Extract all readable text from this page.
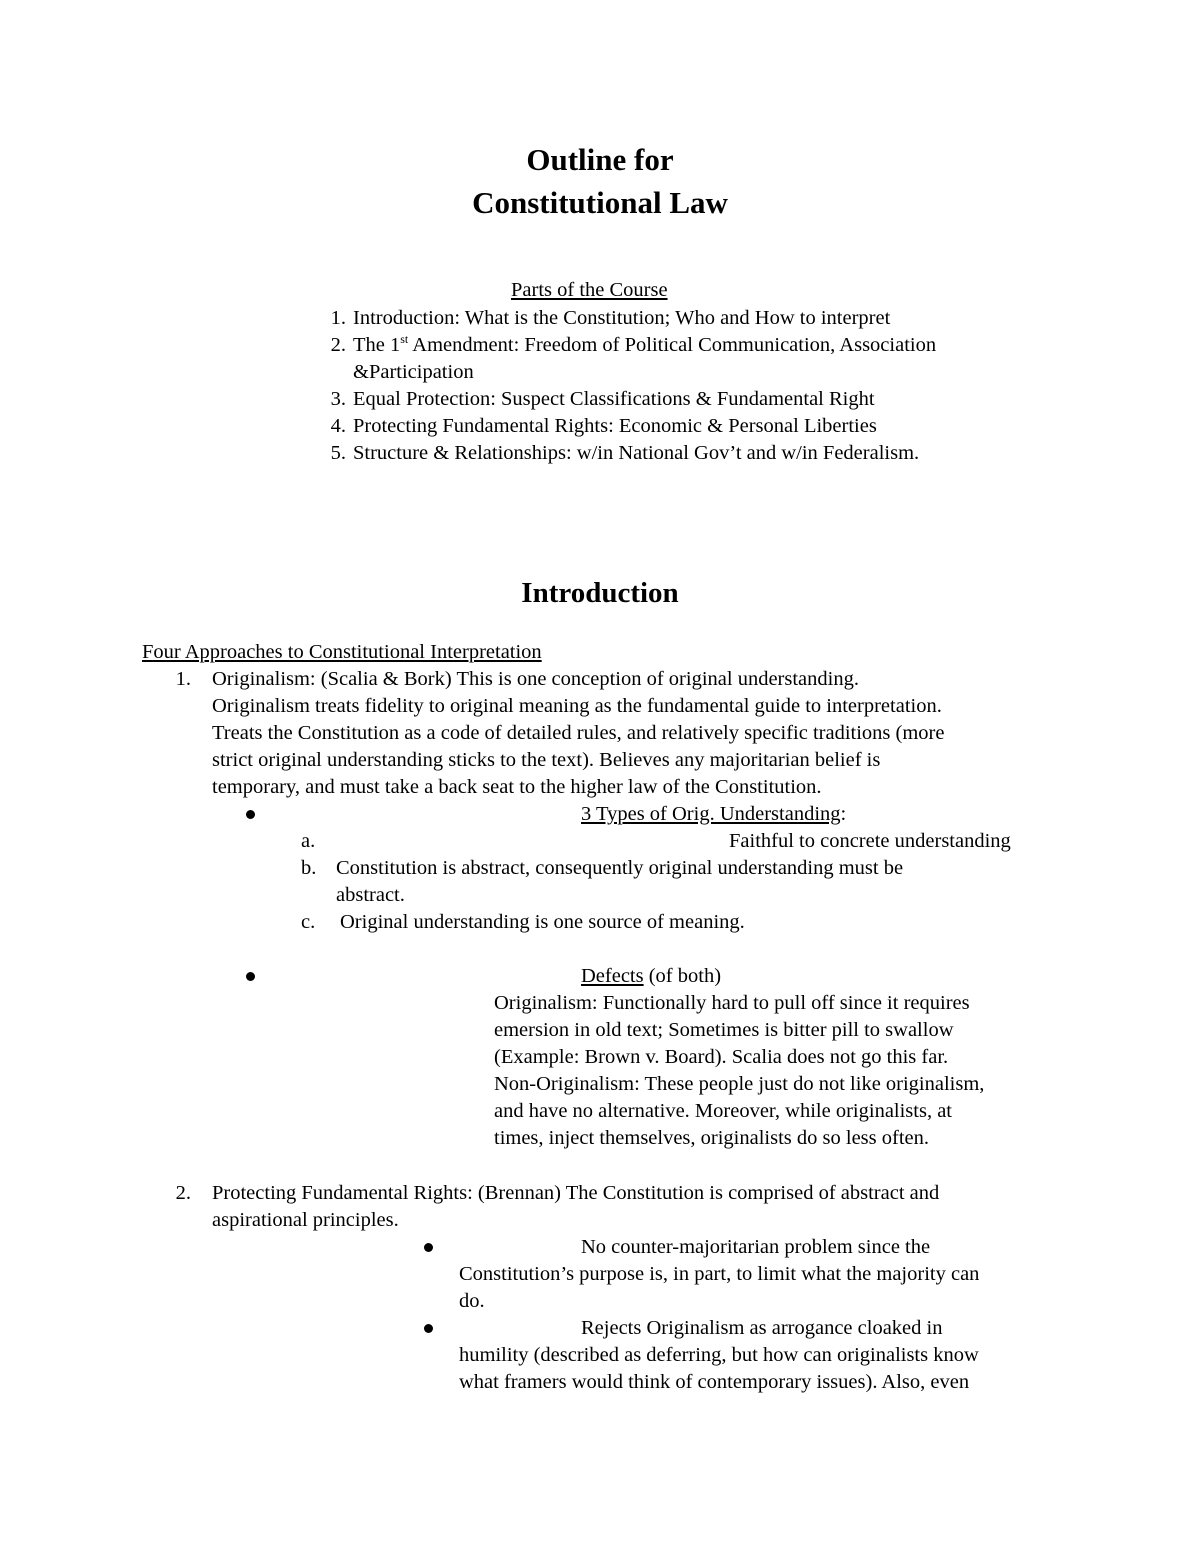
Outline for
Constitutional Law
Parts of the Course
1. Introduction: What is the Constitution; Who and How to interpret
2. The 1st Amendment: Freedom of Political Communication, Association
&Participation
3. Equal Protection: Suspect Classifications & Fundamental Right
4. Protecting Fundamental Rights: Economic & Personal Liberties
5. Structure & Relationships: w/in National Gov’t and w/in Federalism.
Introduction
Four Approaches to Constitutional Interpretation
1. Originalism: (Scalia & Bork) This is one conception of original understanding.
Originalism treats fidelity to original meaning as the fundamental guide to interpretation.
Treats the Constitution as a code of detailed rules, and relatively specific traditions (more
strict original understanding sticks to the text). Believes any majoritarian belief is
temporary, and must take a back seat to the higher law of the Constitution.
3 Types of Orig. Understanding:
a.	Faithful to concrete understanding
b. Constitution is abstract, consequently original understanding must be
abstract.
c. Original understanding is one source of meaning.
Defects (of both)
Originalism: Functionally hard to pull off since it requires
emersion in old text; Sometimes is bitter pill to swallow
(Example: Brown v. Board). Scalia does not go this far.
Non-Originalism: These people just do not like originalism,
and have no alternative. Moreover, while originalists, at
times, inject themselves, originalists do so less often.
2. Protecting Fundamental Rights: (Brennan) The Constitution is comprised of abstract and
aspirational principles.
No counter-majoritarian problem since the
Constitution’s purpose is, in part, to limit what the majority can
do.
Rejects Originalism as arrogance cloaked in
humility (described as deferring, but how can originalists know
what framers would think of contemporary issues). Also, even
